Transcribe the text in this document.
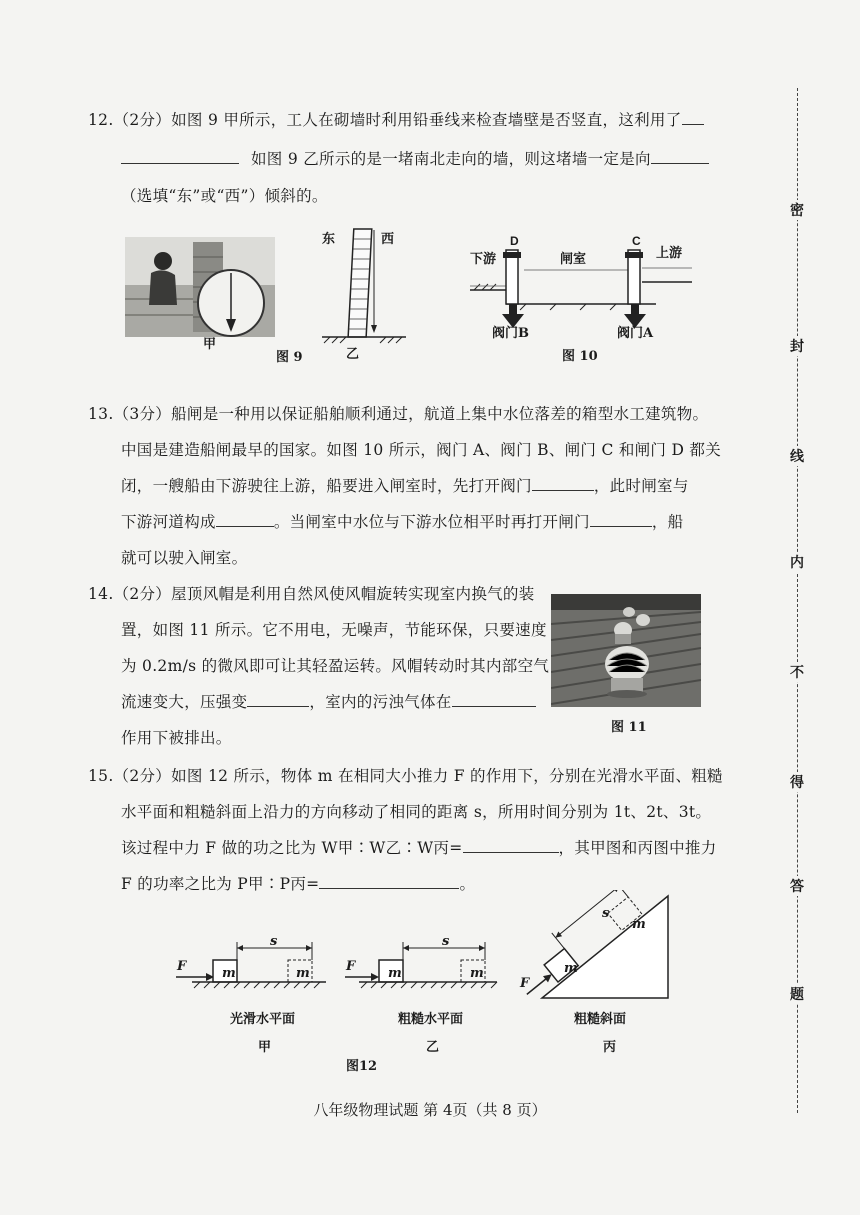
12.（2分）如图 9 甲所示，工人在砌墙时利用铅垂线来检查墙壁是否竖直，这利用了
如图 9 乙所示的是一堵南北走向的墙，则这堵墙一定是向
（选填“东”或“西”）倾斜的。
甲
东	西
乙
图 9
D	C
下游	闸室	上游
阀门B	阀门A
图 10
13.（3分）船闸是一种用以保证船舶顺利通过，航道上集中水位落差的箱型水工建筑物。
中国是建造船闸最早的国家。如图 10 所示，阀门 A、阀门 B、闸门 C 和闸门 D 都关
闭，一艘船由下游驶往上游，船要进入闸室时，先打开阀门	，此时闸室与
下游河道构成	。当闸室中水位与下游水位相平时再打开闸门	，船
就可以驶入闸室。
14.（2分）屋顶风帽是利用自然风使风帽旋转实现室内换气的装
置，如图 11 所示。它不用电，无噪声，节能环保，只要速度
为 0.2m/s 的微风即可让其轻盈运转。风帽转动时其内部空气
流速变大，压强变	，室内的污浊气体在
作用下被排出。
图 11
15.（2分）如图 12 所示，物体 m 在相同大小推力 F 的作用下，分别在光滑水平面、粗糙
水平面和粗糙斜面上沿力的方向移动了相同的距离 s，所用时间分别为 1t、2t、3t。
该过程中力 F 做的功之比为 W甲∶W乙∶W丙=	，其甲图和丙图中推力
F 的功率之比为 P甲∶P丙=	。
F	m	m
s
光滑水平面
甲
F	m	m
s
粗糙水平面
乙
F
m
m
s
粗糙斜面
丙
图12
密
封
线
内
不
得
答
题
八年级物理试题 第 4页（共 8 页）
